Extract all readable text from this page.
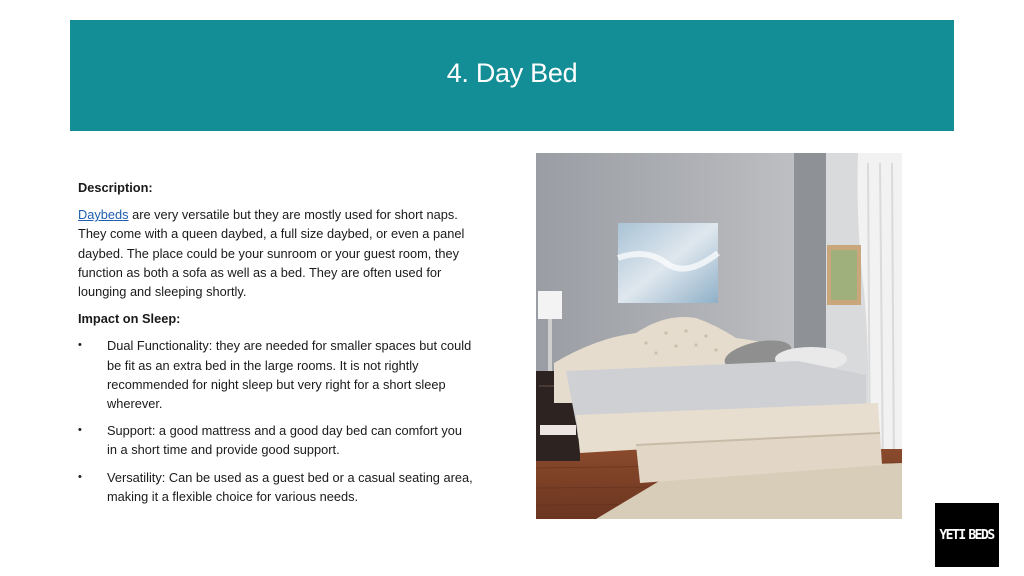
4. Day Bed

Description:

Daybeds are very versatile but they are mostly used for short naps. They come with a queen daybed, a full size daybed, or even a panel daybed. The place could be your sunroom or your guest room, they function as both a sofa as well as a bed. They are often used for lounging and sleeping shortly.

Impact on Sleep:

• Dual Functionality: they are needed for smaller spaces but could be fit as an extra bed in the large rooms. It is not rightly recommended for night sleep but very right for a short sleep wherever.
• Support: a good mattress and a good day bed can comfort you in a short time and provide good support.
• Versatility: Can be used as a guest bed or a casual seating area, making it a flexible choice for various needs.
YETI BEDS
